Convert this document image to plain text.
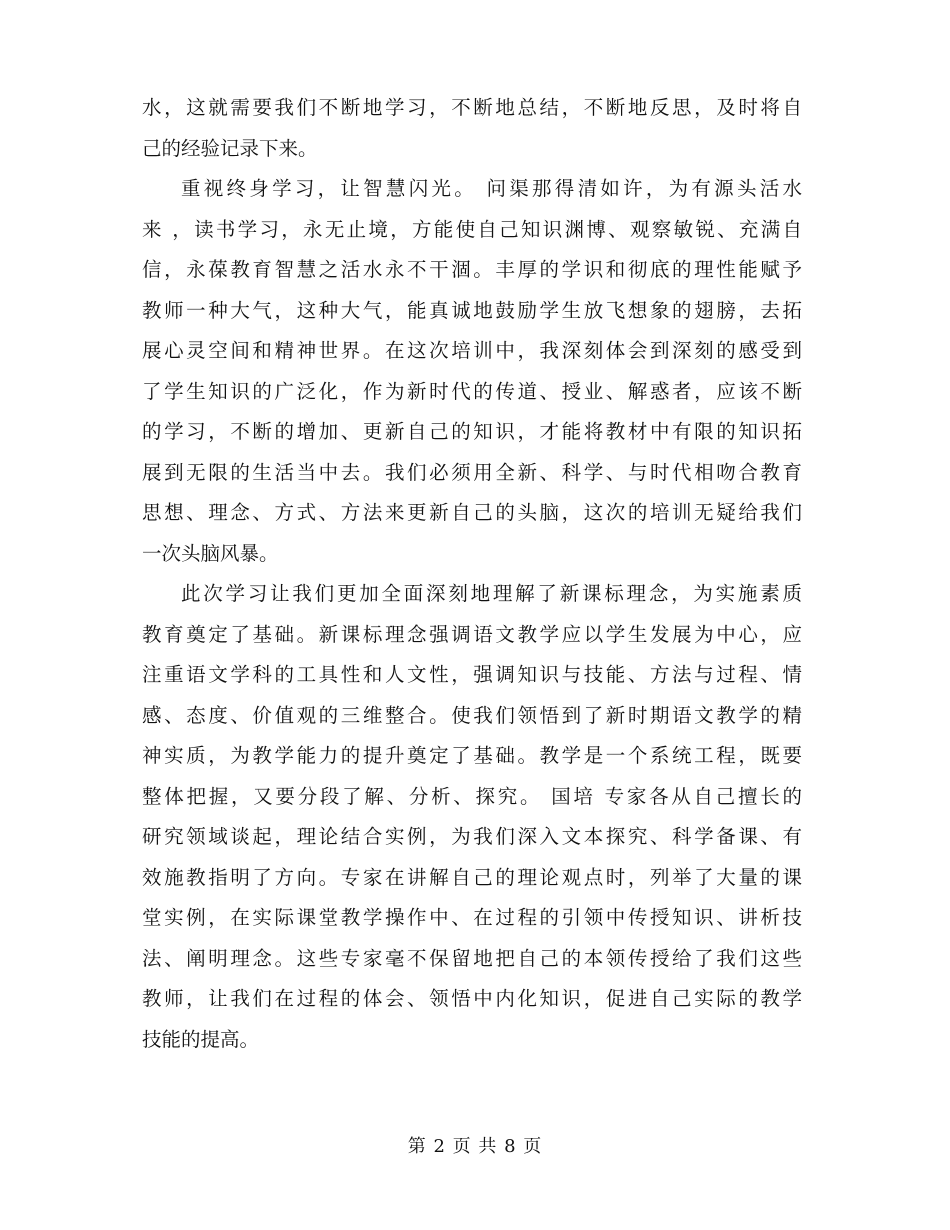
水，这就需要我们不断地学习，不断地总结，不断地反思，及时将自
己的经验记录下来。
重视终身学习，让智慧闪光。 问渠那得清如许，为有源头活水
来 ，读书学习，永无止境，方能使自己知识渊博、观察敏锐、充满自
信，永葆教育智慧之活水永不干涸。丰厚的学识和彻底的理性能赋予
教师一种大气，这种大气，能真诚地鼓励学生放飞想象的翅膀，去拓
展心灵空间和精神世界。在这次培训中，我深刻体会到深刻的感受到
了学生知识的广泛化，作为新时代的传道、授业、解惑者，应该不断
的学习，不断的增加、更新自己的知识，才能将教材中有限的知识拓
展到无限的生活当中去。我们必须用全新、科学、与时代相吻合教育
思想、理念、方式、方法来更新自己的头脑，这次的培训无疑给我们
一次头脑风暴。
此次学习让我们更加全面深刻地理解了新课标理念，为实施素质
教育奠定了基础。新课标理念强调语文教学应以学生发展为中心，应
注重语文学科的工具性和人文性，强调知识与技能、方法与过程、情
感、态度、价值观的三维整合。使我们领悟到了新时期语文教学的精
神实质，为教学能力的提升奠定了基础。教学是一个系统工程，既要
整体把握，又要分段了解、分析、探究。 国培 专家各从自己擅长的
研究领域谈起，理论结合实例，为我们深入文本探究、科学备课、有
效施教指明了方向。专家在讲解自己的理论观点时，列举了大量的课
堂实例，在实际课堂教学操作中、在过程的引领中传授知识、讲析技
法、阐明理念。这些专家毫不保留地把自己的本领传授给了我们这些
教师，让我们在过程的体会、领悟中内化知识，促进自己实际的教学
技能的提高。
第 2 页 共 8 页
